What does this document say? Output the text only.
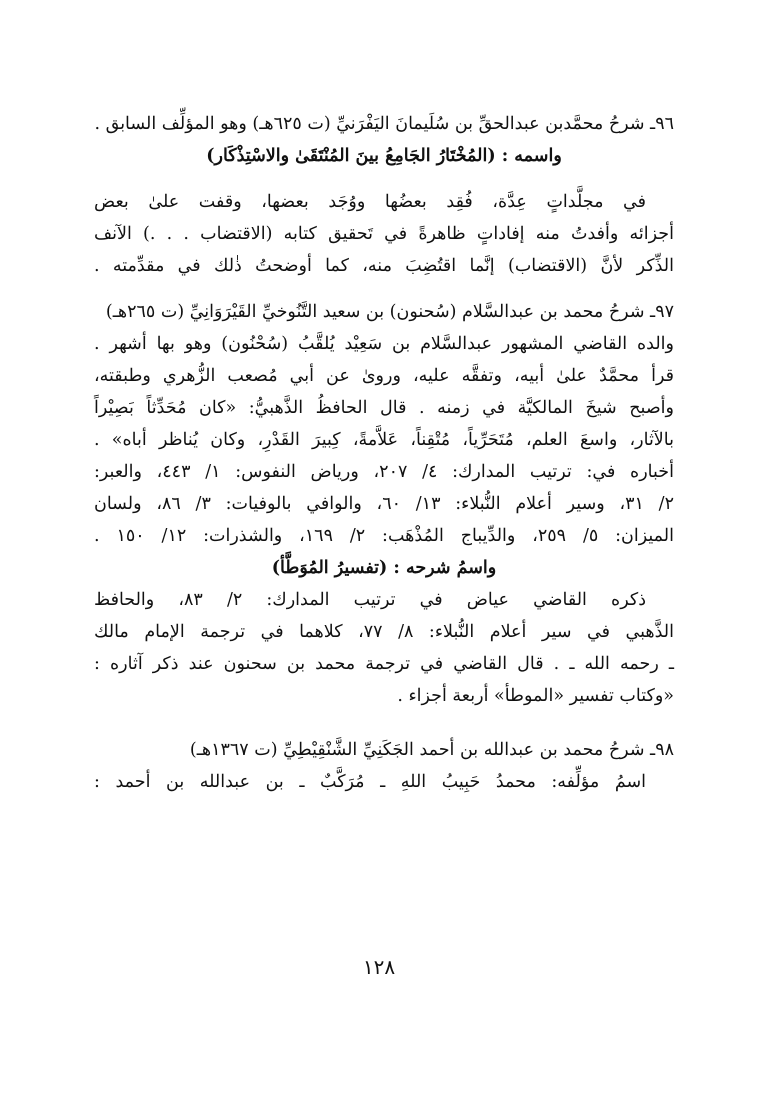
٩٦ـ شرحُ محمَّدبن عبدالحقِّ بن سُلَيمانَ اليَفْرَنيِّ (ت ٦٢٥هـ) وهو المؤلِّف السابق .
واسمه : (المُخْتَارُ الجَامِعُ بينَ المُنْتَقَىٰ والاسْتِذْكَار)
في مجلَّداتٍ عِدَّة، فُقِد بعضُها ووُجَد بعضها، وقفت علىٰ بعض
أجزائه وأفدتُ منه إفاداتٍ ظاهرةً في تَحقيق كتابه (الاقتضاب . . .) الآنف
الذِّكر لأنَّ (الاقتضاب) إنَّما اقتُضِبَ منه، كما أوضحتُ ذٰلك في مقدِّمته .
٩٧ـ شرحُ محمد بن عبدالسَّلام (سُحنون) بن سعيد التَّنُوخيِّ القَيْرَوَانِيِّ (ت ٢٦٥هـ)
والده القاضي المشهور عبدالسَّلام بن سَعِيْد يُلقَّبُ (سُحْنُون) وهو بها أشهر .
قرأ محمَّدٌ علىٰ أبيه، وتفقَّه عليه، وروىٰ عن أبي مُصعب الزُّهري وطبقته،
وأصبح شيخَ المالكيَّة في زمنه . قال الحافظُ الذَّهبيُّ: «كان مُحَدِّثاً بَصِيْراً
بالآثار، واسعَ العلم، مُتَحَرِّياً، مُتْقِناً، عَلاَّمةً، كِبيرَ القَدْرِ، وكان يُناظر أباه» .
أخباره في: ترتيب المدارك: ٤/ ٢٠٧، ورياض النفوس: ١/ ٤٤٣، والعبر:
٢/ ٣١، وسير أعلام النُّبلاء: ١٣/ ٦٠، والوافي بالوفيات: ٣/ ٨٦، ولسان
الميزان: ٥/ ٢٥٩، والدِّيباج المُذْهَب: ٢/ ١٦٩، والشذرات: ١٢/ ١٥٠ .
واسمُ شرحه : (تفسيرُ المُوَطَّأ)
ذكره القاضي عياض في ترتيب المدارك: ٢/ ٨٣، والحافظ
الذَّهبي في سير أعلام النُّبلاء: ٨/ ٧٧، كلاهما في ترجمة الإمام مالك
ـ رحمه الله ـ . قال القاضي في ترجمة محمد بن سحنون عند ذكر آثاره :
«وكتاب تفسير «الموطأ» أربعة أجزاء .
٩٨ـ شرحُ محمد بن عبدالله بن أحمد الجَكَنِيِّ الشَّنْقِيْطِيِّ (ت ١٣٦٧هـ)
اسمُ مؤلِّفه: محمدُ حَبِيبُ اللهِ ـ مُرَكَّبٌ ـ بن عبدالله بن أحمد :
١٢٨
